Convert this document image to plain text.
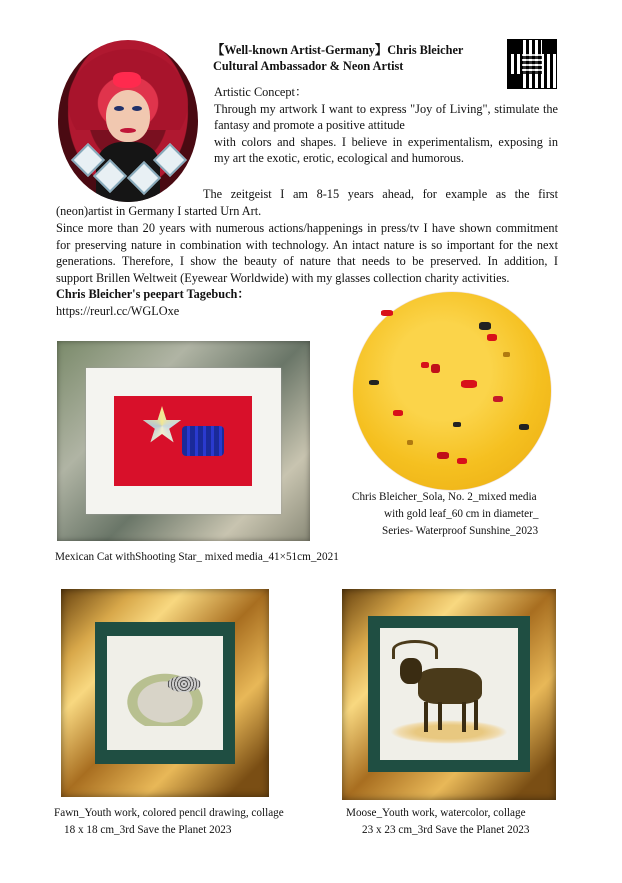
【Well-known Artist-Germany】Chris Bleicher
Cultural Ambassador & Neon Artist
Artistic Concept：
Through my artwork I want to express "Joy of Living", stimulate the
fantasy and promote a positive attitude
with colors and shapes. I believe in experimentalism, exposing in
my art the exotic, erotic, ecological and humorous.
The zeitgeist I am 8-15 years ahead, for example as the first
(neon)artist in Germany I started Urn Art.
Since more than 20 years with numerous actions/happenings in press/tv I have shown commitment
for preserving nature in combination with technology. An intact nature is so important for the next
generations. Therefore, I show the beauty of nature that needs to be preserved. In addition, I
support Brillen Weltweit (Eyewear Worldwide) with my glasses collection charity activities.
Chris Bleicher's peepart Tagebuch：
https://reurl.cc/WGLOxe
Mexican Cat withShooting Star_ mixed media_41×51cm_2021
Chris Bleicher_Sola, No. 2_mixed media
with gold leaf_60 cm in diameter_
Series- Waterproof Sunshine_2023
Fawn_Youth work, colored pencil drawing, collage
18 x 18 cm_3rd Save the Planet 2023
Moose_Youth work, watercolor, collage
23 x 23 cm_3rd Save the Planet 2023
